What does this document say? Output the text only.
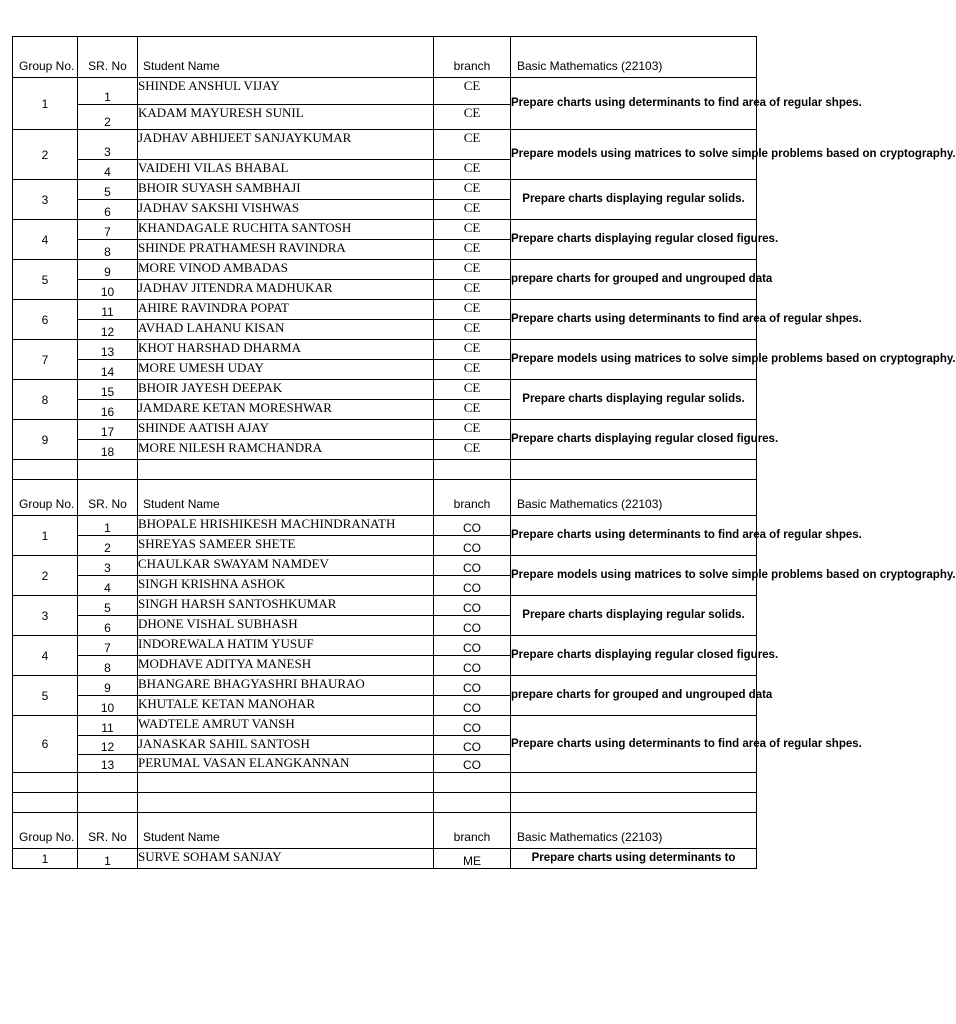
Group No.	SR. No	Student Name	branch	Basic Mathematics (22103)
1	1	SHINDE ANSHUL VIJAY	CE	Prepare charts using determinants to find area of regular shpes.
	2	KADAM MAYURESH SUNIL	CE	
2	3	JADHAV ABHIJEET SANJAYKUMAR	CE	Prepare models using matrices to solve simple problems based on cryptography.
	4	VAIDEHI VILAS BHABAL	CE	
3	5	BHOIR SUYASH SAMBHAJI	CE	Prepare charts displaying regular solids.
	6	JADHAV SAKSHI VISHWAS	CE	
4	7	KHANDAGALE RUCHITA SANTOSH	CE	Prepare charts displaying regular closed figures.
	8	SHINDE PRATHAMESH RAVINDRA	CE	
5	9	MORE VINOD AMBADAS	CE	prepare charts for grouped and ungrouped data
	10	JADHAV JITENDRA MADHUKAR	CE	
6	11	AHIRE RAVINDRA POPAT	CE	Prepare charts using determinants to find area of regular shpes.
	12	AVHAD LAHANU KISAN	CE	
7	13	KHOT HARSHAD DHARMA	CE	Prepare models using matrices to solve simple problems based on cryptography.
	14	MORE UMESH UDAY	CE	
8	15	BHOIR JAYESH DEEPAK	CE	Prepare charts displaying regular solids.
	16	JAMDARE KETAN MORESHWAR	CE	
9	17	SHINDE AATISH AJAY	CE	Prepare charts displaying regular closed figures.
	18	MORE NILESH RAMCHANDRA	CE	

Group No.	SR. No	Student Name	branch	Basic Mathematics (22103)
1	1	BHOPALE HRISHIKESH MACHINDRANATH	CO	Prepare charts using determinants to find area of regular shpes.
	2	SHREYAS SAMEER SHETE	CO	
2	3	CHAULKAR SWAYAM NAMDEV	CO	Prepare models using matrices to solve simple problems based on cryptography.
	4	SINGH KRISHNA ASHOK	CO	
3	5	SINGH HARSH SANTOSHKUMAR	CO	Prepare charts displaying regular solids.
	6	DHONE VISHAL SUBHASH	CO	
4	7	INDOREWALA HATIM YUSUF	CO	Prepare charts displaying regular closed figures.
	8	MODHAVE ADITYA MANESH	CO	
5	9	BHANGARE BHAGYASHRI BHAURAO	CO	prepare charts for grouped and ungrouped data
	10	KHUTALE KETAN MANOHAR	CO	
6	11	WADTELE AMRUT VANSH	CO	Prepare charts using determinants to find area of regular shpes.
	12	JANASKAR SAHIL SANTOSH	CO	
	13	PERUMAL VASAN ELANGKANNAN	CO	

Group No.	SR. No	Student Name	branch	Basic Mathematics (22103)
1	1	SURVE SOHAM SANJAY	ME	Prepare charts using determinants to
